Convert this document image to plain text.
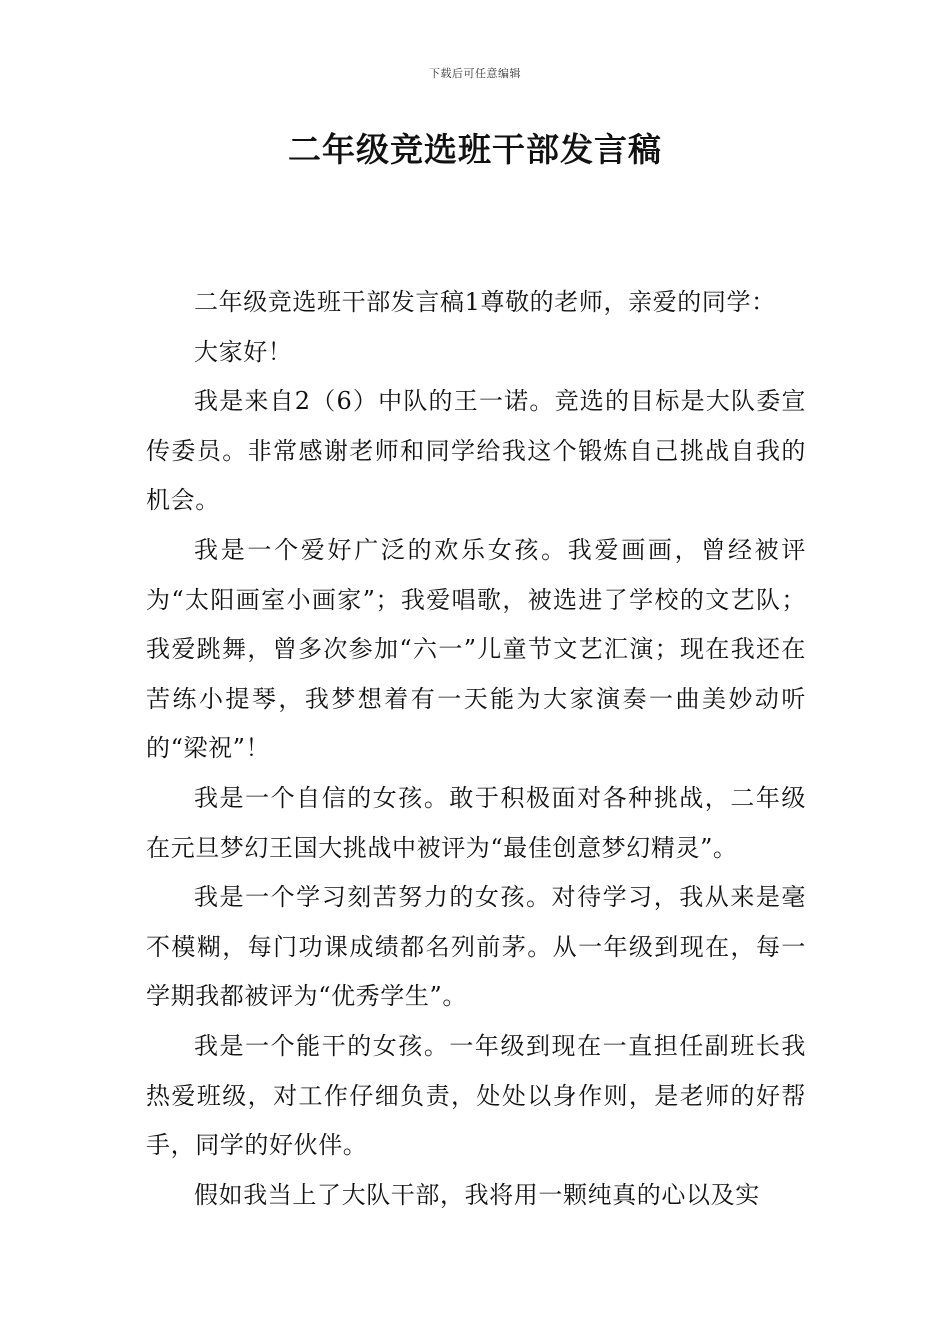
下载后可任意编辑
二年级竞选班干部发言稿

二年级竞选班干部发言稿1尊敬的老师，亲爱的同学：

大家好！

我是来自2（6）中队的王一诺。竞选的目标是大队委宣传委员。非常感谢老师和同学给我这个锻炼自己挑战自我的机会。

我是一个爱好广泛的欢乐女孩。我爱画画，曾经被评为“太阳画室小画家”；我爱唱歌，被选进了学校的文艺队；我爱跳舞，曾多次参加“六一”儿童节文艺汇演；现在我还在苦练小提琴，我梦想着有一天能为大家演奏一曲美妙动听的“梁祝”！

我是一个自信的女孩。敢于积极面对各种挑战，二年级在元旦梦幻王国大挑战中被评为“最佳创意梦幻精灵”。

我是一个学习刻苦努力的女孩。对待学习，我从来是毫不模糊，每门功课成绩都名列前茅。从一年级到现在，每一学期我都被评为“优秀学生”。

我是一个能干的女孩。一年级到现在一直担任副班长我热爱班级，对工作仔细负责，处处以身作则，是老师的好帮手，同学的好伙伴。

假如我当上了大队干部，我将用一颗纯真的心以及实
